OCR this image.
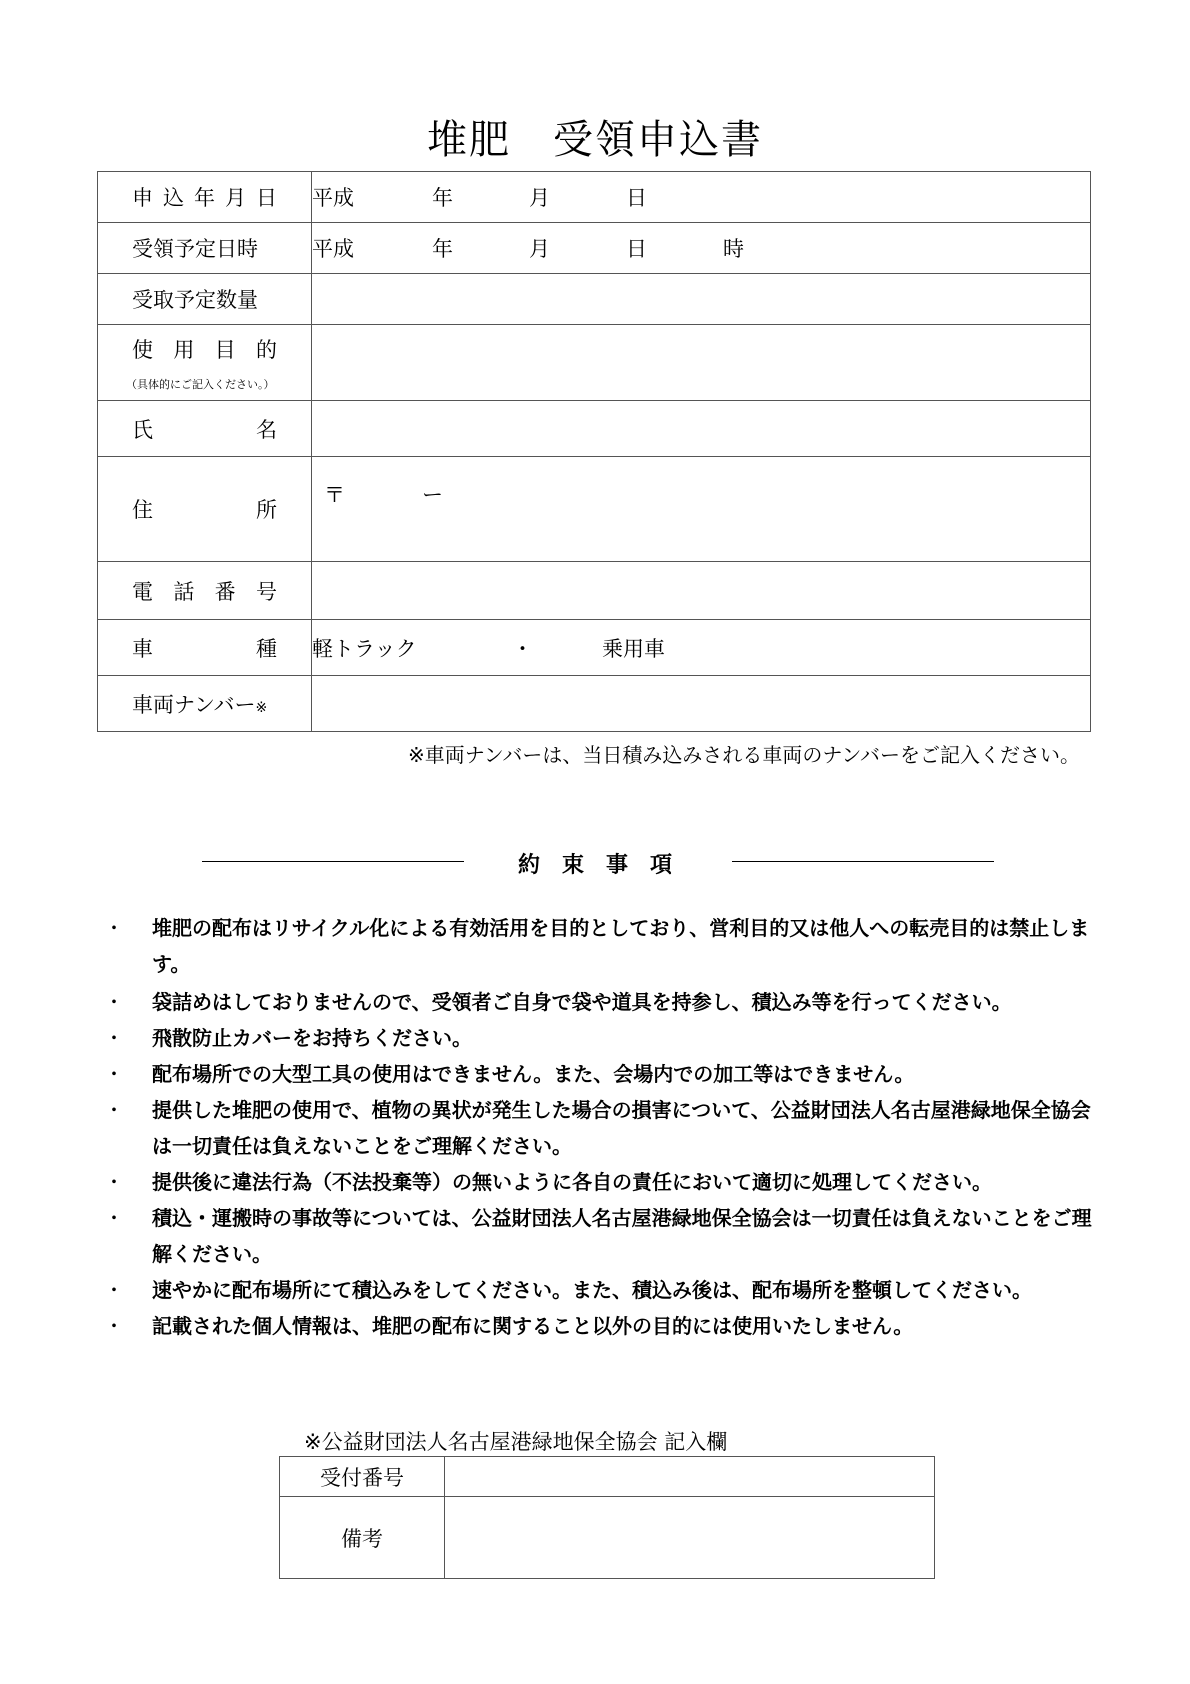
堆肥　受領申込書
申 込 年 月 日	平成 年 月 日
受領予定日時	平成 年 月 日 時
受取予定数量	

使 用 目 的
（具体的にご記入ください。）	

氏 名	

住 所	〒 ー

電 話 番 号	

車 種	軽トラック ・ 乗用車
車両ナンバー※	
※車両ナンバーは、当日積み込みされる車両のナンバーをご記入ください。
約　束　事　項
・ 堆肥の配布はリサイクル化による有効活用を目的としており、営利目的又は他人への転売目的は禁止します。
・ 袋詰めはしておりませんので、受領者ご自身で袋や道具を持参し、積込み等を行ってください。
・ 飛散防止カバーをお持ちください。
・ 配布場所での大型工具の使用はできません。また、会場内での加工等はできません。
・ 提供した堆肥の使用で、植物の異状が発生した場合の損害について、公益財団法人名古屋港緑地保全協会は一切責任は負えないことをご理解ください。
・ 提供後に違法行為（不法投棄等）の無いように各自の責任において適切に処理してください。
・ 積込・運搬時の事故等については、公益財団法人名古屋港緑地保全協会は一切責任は負えないことをご理解ください。
・ 速やかに配布場所にて積込みをしてください。また、積込み後は、配布場所を整頓してください。
・ 記載された個人情報は、堆肥の配布に関すること以外の目的には使用いたしません。
※公益財団法人名古屋港緑地保全協会 記入欄
受付番号	
備考	
